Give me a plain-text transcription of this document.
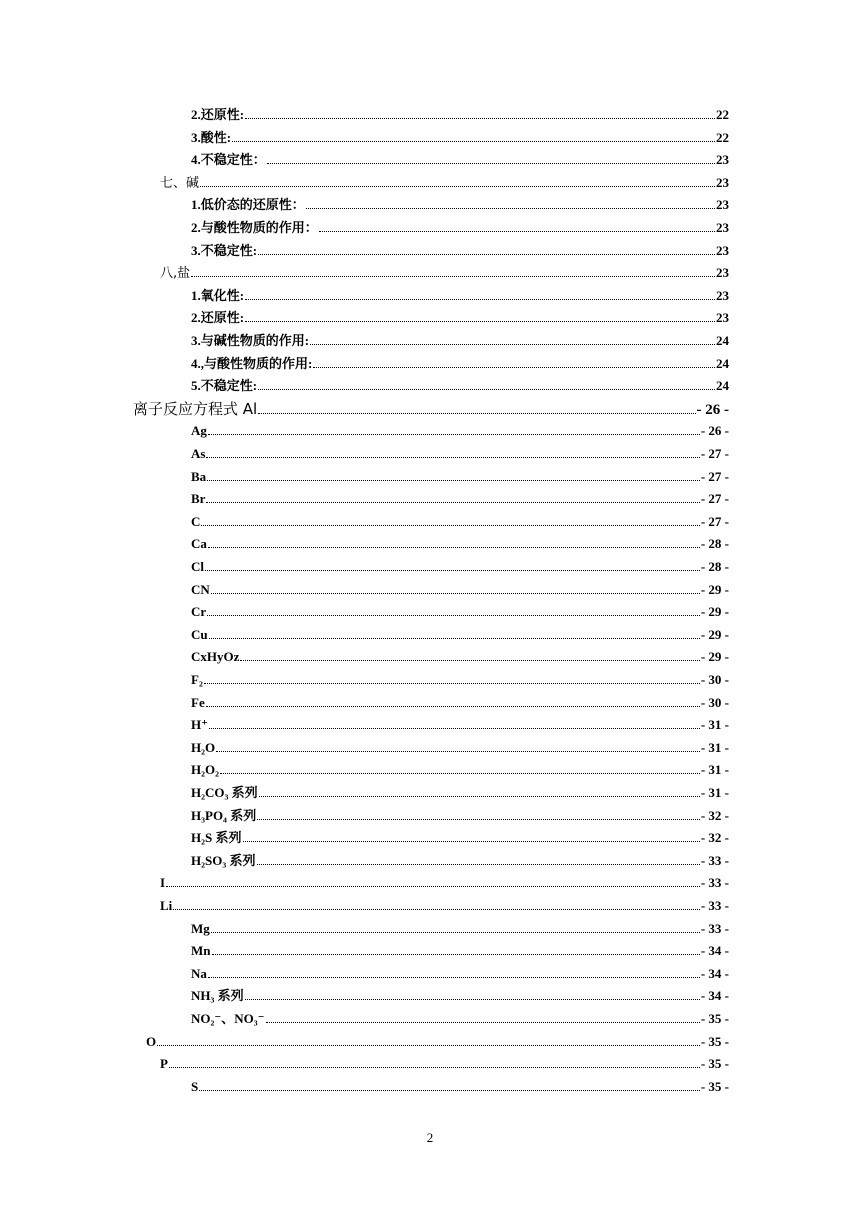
2.还原性:	22
3.酸性:	22
4.不稳定性：	23
七、碱	23
1.低价态的还原性：	23
2.与酸性物质的作用：	23
3.不稳定性:	23
八,盐	23
1.氧化性:	23
2.还原性:	23
3.与碱性物质的作用:	24
4.,与酸性物质的作用:	24
5.不稳定性:	24
离子反应方程式 Al	- 26 -
Ag	- 26 -
As	- 27 -
Ba	- 27 -
Br	- 27 -
C	- 27 -
Ca	- 28 -
Cl	- 28 -
CN	- 29 -
Cr	- 29 -
Cu	- 29 -
CxHyOz	- 29 -
F₂	- 30 -
Fe	- 30 -
H⁺	- 31 -
H₂O	- 31 -
H₂O₂	- 31 -
H₂CO₃ 系列	- 31 -
H₃PO₄ 系列	- 32 -
H₂S 系列	- 32 -
H₂SO₃ 系列	- 33 -
I	- 33 -
Li	- 33 -
Mg	- 33 -
Mn	- 34 -
Na	- 34 -
NH₃ 系列	- 34 -
NO₂⁻、NO₃⁻	- 35 -
O	- 35 -
P	- 35 -
S	- 35 -
2
